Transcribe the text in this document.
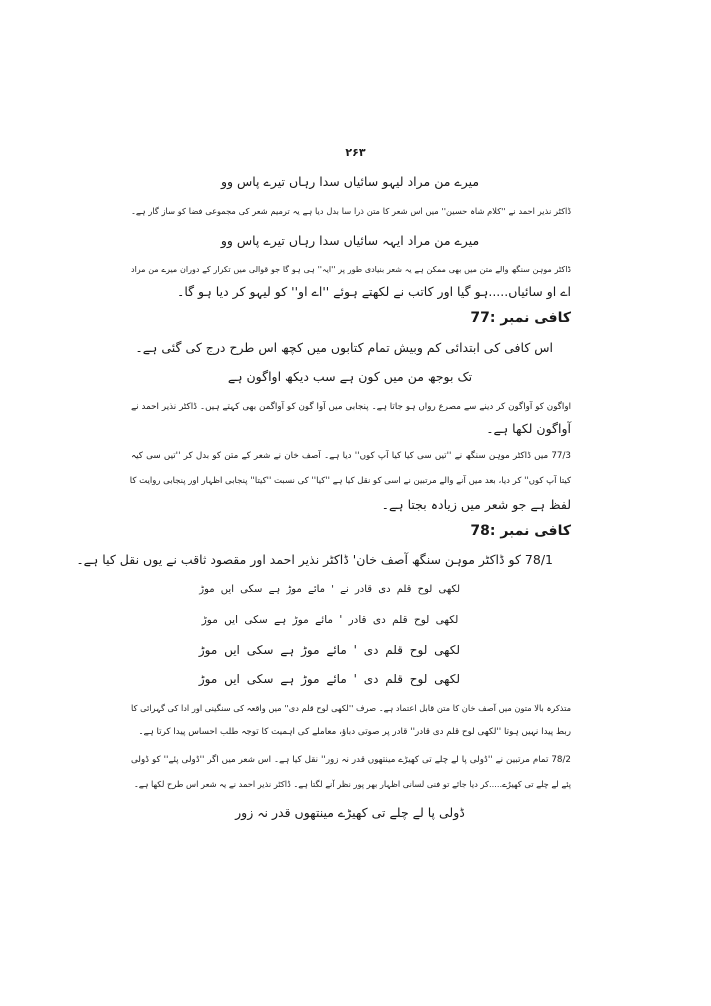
۲۶۳
میرے من مراد لیہو سائیاں سدا رہاں تیرے پاس وو
ڈاکٹر نذیر احمد نے ''کلام شاہ حسین'' میں اس شعر کا متن ذرا سا بدل دیا ہے یہ ترمیم شعر کی مجموعی فضا کو ساز گار ہے۔
میرے من مراد ایہہ سائیاں سدا رہاں تیرے پاس وو
ڈاکٹر موہن سنگھ والے متن میں بھی ممکن ہے یہ شعر بنیادی طور پر ''ایہ'' ہی ہو گا جو قوالی میں تکرار کے دوران میرے من مراد
اے او سائیاں.....ہو گیا اور کاتب نے لکھتے ہوئے ''اے او'' کو لیہو کر دیا ہو گا۔
کافی نمبر 77:
اس کافی کی ابتدائی کم وبیش تمام کتابوں میں کچھ اس طرح درج کی گئی ہے۔
تک بوجھ من میں کون ہے سب دیکھ اواگون ہے
اواگون کو آواگون کر دینے سے مصرع رواں ہو جاتا ہے۔ پنجابی میں آوا گون کو آواگمن بھی کہتے ہیں۔ ڈاکٹر نذیر احمد نے
آواگون لکھا ہے۔
77/3 میں ڈاکٹر موہن سنگھ نے ''تیں سی کیا کیا آپ کوں'' دیا ہے۔ آصف خان نے شعر کے متن کو بدل کر ''تیں سی کیہ
کیتا آپ کوں'' کر دیا، بعد میں آنے والے مرتبین نے اسی کو نقل کیا ہے ''کیا'' کی نسبت ''کیتا'' پنجابی اظہار اور پنجابی روایت کا
لفظ ہے جو شعر میں زیادہ بجتا ہے۔
کافی نمبر 78:
78/1 کو ڈاکٹر موہن سنگھ آصف خان' ڈاکٹر نذیر احمد اور مقصود ثاقب نے یوں نقل کیا ہے۔
لکھی لوح قلم دی قادر نے ' مائے موڑ ہے سکی ایں موڑ
لکھی لوح قلم دی قادر ' مائے موڑ ہے سکی ایں موڑ
لکھی لوح قلم دی ' مائے موڑ ہے سکی ایں موڑ
لکھی لوح قلم دی ' مائے موڑ ہے سکی ایں موڑ
متذکرہ بالا متون میں آصف خان کا متن قابل اعتماد ہے۔ صرف ''لکھی لوح قلم دی'' میں واقعہ کی سنگینی اور ادا کی گہرائی کا
ربط پیدا نہیں ہوتا ''لکھی لوح قلم دی قادر'' قادر پر صوتی دباؤ، معاملے کی اہمیت کا توجہ طلب احساس پیدا کرتا ہے۔
78/2 تمام مرتبین نے ''ڈولی پا لے چلے تی کھیڑے مینتھوں قدر نہ زور'' نقل کیا ہے۔ اس شعر میں اگر ''ڈولی پئے'' کو ڈولی
پئے لے چلے تی کھیڑے.....کر دیا جائے تو فنی لسانی اظہار بھر پور نظر آنے لگتا ہے۔ ڈاکٹر نذیر احمد نے یہ شعر اس طرح لکھا ہے۔
ڈولی پا لے چلے تی کھیڑے مینتھوں قدر نہ زور
